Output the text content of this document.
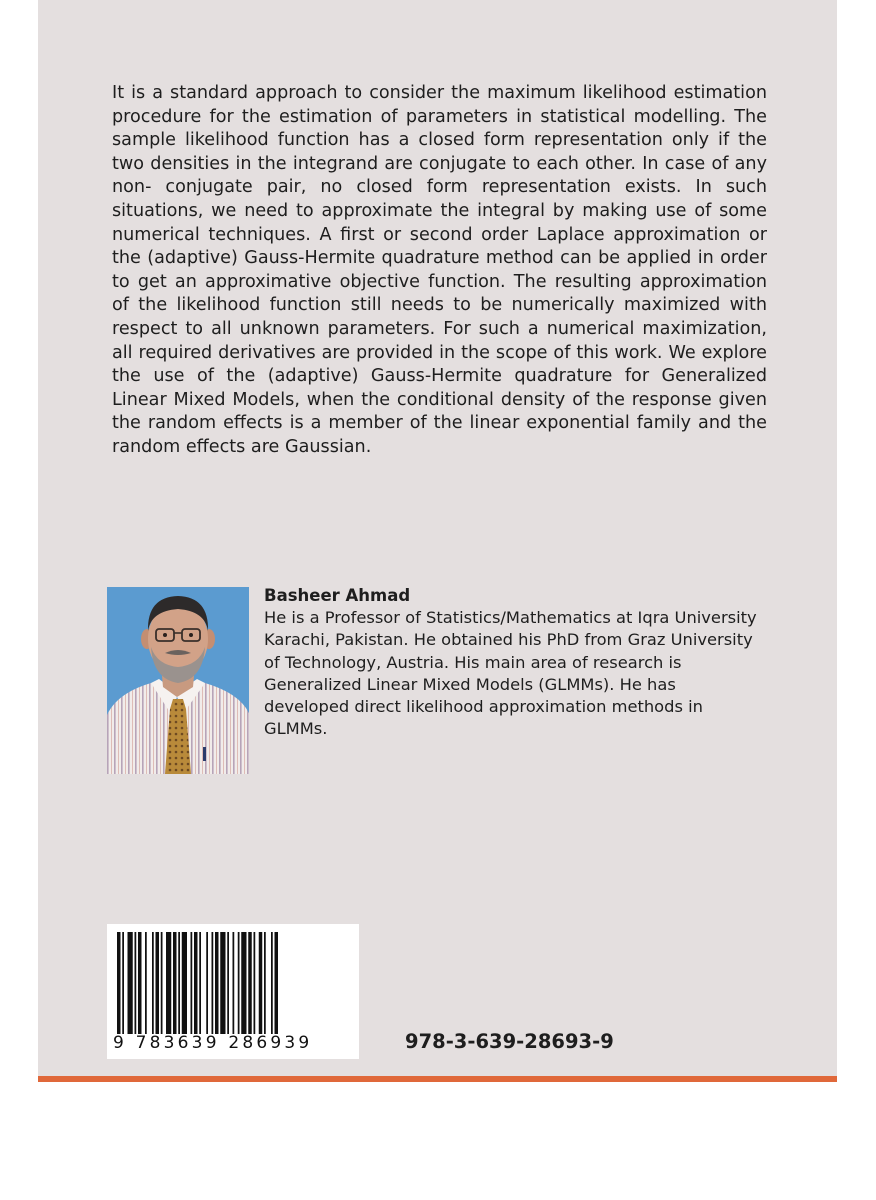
It is a standard approach to consider the maximum likelihood estimation procedure for the estimation of parameters in statistical modelling. The sample likelihood function has a closed form representation only if the two densities in the integrand are conjugate to each other. In case of any non- conjugate pair, no closed form representation exists. In such situations, we need to approximate the integral by making use of some numerical techniques. A first or second order Laplace approximation or the (adaptive) Gauss-Hermite quadrature method can be applied in order to get an approximative objective function. The resulting approximation of the likelihood function still needs to be numerically maximized with respect to all unknown parameters. For such a numerical maximization, all required derivatives are provided in the scope of this work. We explore the use of the (adaptive) Gauss-Hermite quadrature for Generalized Linear Mixed Models, when the conditional density of the response given the random effects is a member of the linear exponential family and the random effects are Gaussian.

Basheer Ahmad

He is a Professor of Statistics/Mathematics at Iqra University Karachi, Pakistan. He obtained his PhD from Graz University of Technology, Austria. His main area of research is Generalized Linear Mixed Models (GLMMs). He has developed direct likelihood approximation methods in GLMMs.

9 783639 286939	978-3-639-28693-9
